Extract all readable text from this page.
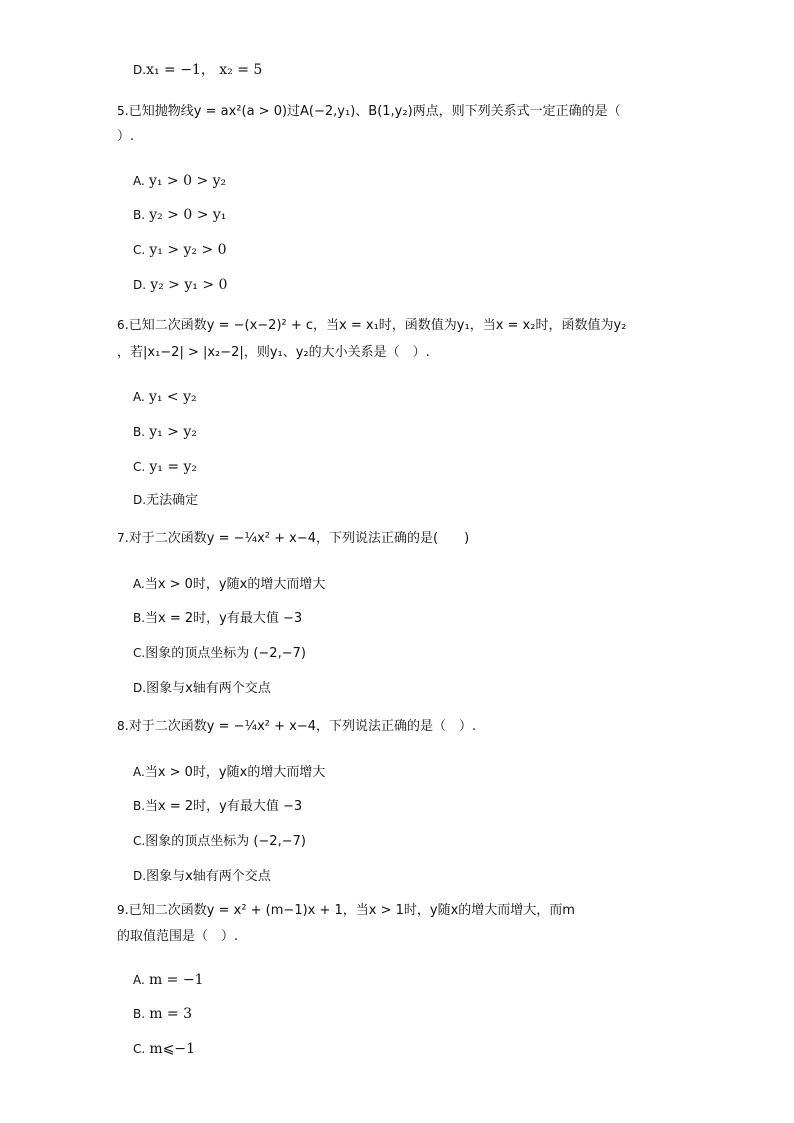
D.x₁ = −1， x₂ = 5
5.已知抛物线y = ax²(a > 0)过A(−2,y₁)、B(1,y₂)两点，则下列关系式一定正确的是（
）.
A. y₁ > 0 > y₂
B. y₂ > 0 > y₁
C. y₁ > y₂ > 0
D. y₂ > y₁ > 0
6.已知二次函数y = −(x−2)² + c，当x = x₁时，函数值为y₁，当x = x₂时，函数值为y₂
，若|x₁−2| > |x₂−2|，则y₁、y₂的大小关系是（　）.
A. y₁ < y₂
B. y₁ > y₂
C. y₁ = y₂
D.无法确定
7.对于二次函数y = −¼x² + x−4，下列说法正确的是(　　)
A.当x > 0时，y随x的增大而增大
B.当x = 2时，y有最大值 −3
C.图象的顶点坐标为 (−2,−7)
D.图象与x轴有两个交点
8.对于二次函数y = −¼x² + x−4，下列说法正确的是（　）.
A.当x > 0时，y随x的增大而增大
B.当x = 2时，y有最大值 −3
C.图象的顶点坐标为 (−2,−7)
D.图象与x轴有两个交点
9.已知二次函数y = x² + (m−1)x + 1，当x > 1时，y随x的增大而增大，而m
的取值范围是（　）.
A. m = −1
B. m = 3
C. m⩽−1
